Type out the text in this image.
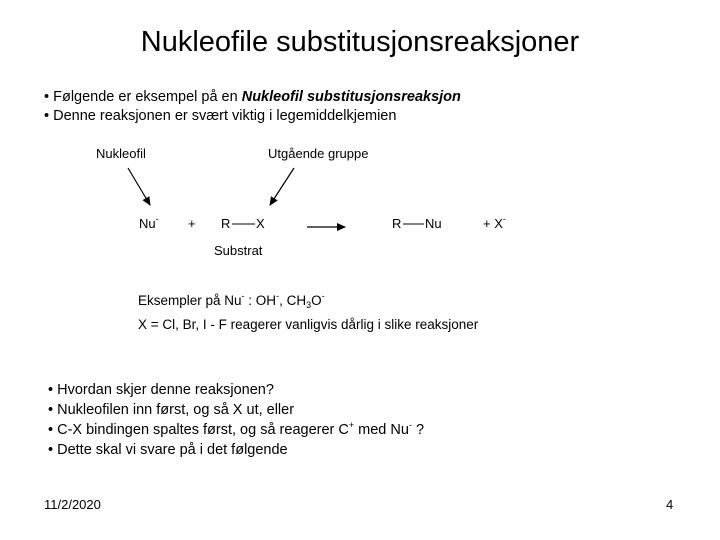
Nukleofile substitusjonsreaksjoner
• Følgende er eksempel på en Nukleofil substitusjonsreaksjon
• Denne reaksjonen er svært viktig i legemiddelkjemien
Nukleofil	Utgående gruppe
Substrat
Nu- + R X	R Nu	+ X-
Eksempler på Nu- : OH-, $CH_3O^-$
X = Cl, Br, I - F reagerer vanligvis dårlig i slike reaksjoner
• Hvordan skjer denne reaksjonen?
• Nukleofilen inn først, og så X ut, eller
• C-X bindingen spaltes først, og så reagerer C+ med Nu- ?
• Dette skal vi svare på i det følgende
11/2/2020	4
